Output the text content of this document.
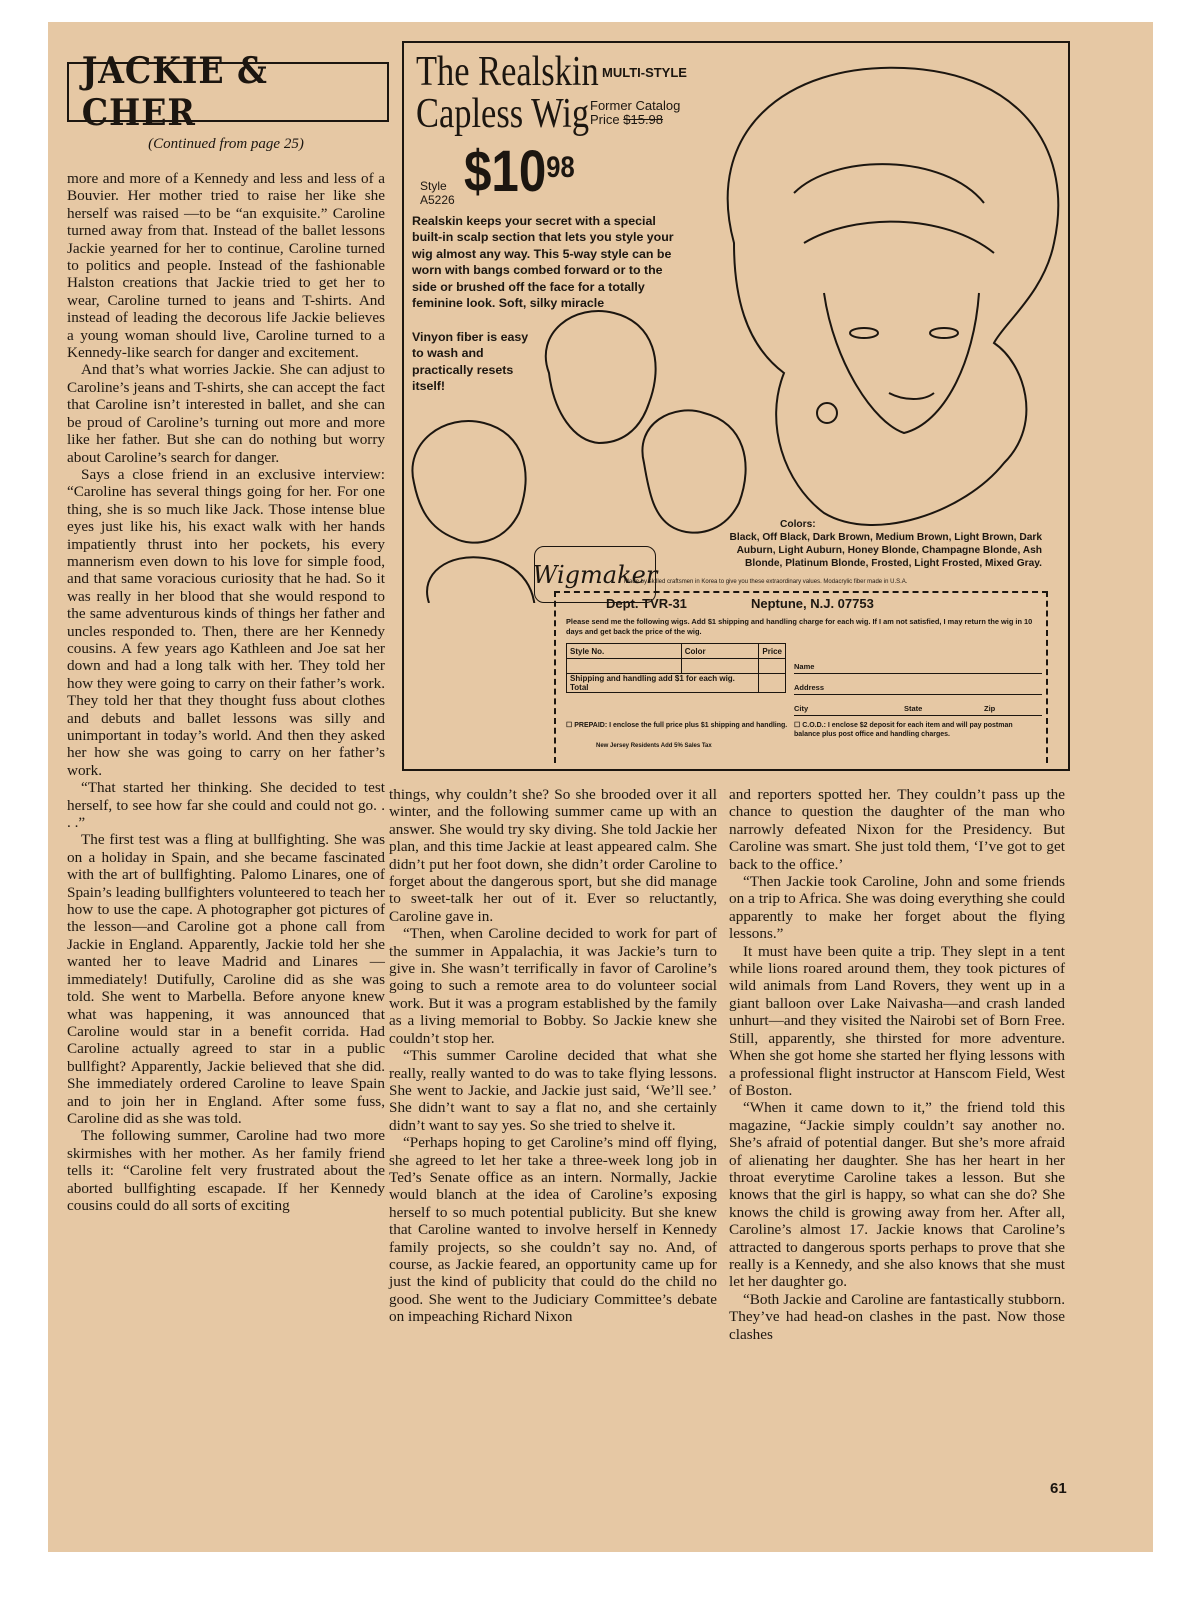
JACKIE & CHER
(Continued from page 25)

more and more of a Kennedy and less and less of a Bouvier. Her mother tried to raise her like she herself was raised —to be “an exquisite.” Caroline turned away from that. Instead of the ballet lessons Jackie yearned for her to continue, Caroline turned to politics and people. Instead of the fashionable Halston creations that Jackie tried to get her to wear, Caroline turned to jeans and T-shirts. And instead of leading the decorous life Jackie believes a young woman should live, Caroline turned to a Kennedy-like search for danger and excitement.

And that’s what worries Jackie. She can adjust to Caroline’s jeans and T-shirts, she can accept the fact that Caroline isn’t interested in ballet, and she can be proud of Caroline’s turning out more and more like her father. But she can do nothing but worry about Caroline’s search for danger.

Says a close friend in an exclusive interview: “Caroline has several things going for her. For one thing, she is so much like Jack. Those intense blue eyes just like his, his exact walk with her hands impatiently thrust into her pockets, his every mannerism even down to his love for simple food, and that same voracious curiosity that he had. So it was really in her blood that she would respond to the same adventurous kinds of things her father and uncles responded to. Then, there are her Kennedy cousins. A few years ago Kathleen and Joe sat her down and had a long talk with her. They told her how they were going to carry on their father’s work. They told her that they thought fuss about clothes and debuts and ballet lessons was silly and unimportant in today’s world. And then they asked her how she was going to carry on her father’s work.

“That started her thinking. She decided to test herself, to see how far she could and could not go. . . .”

The first test was a fling at bullfighting. She was on a holiday in Spain, and she became fascinated with the art of bullfighting. Palomo Linares, one of Spain’s leading bullfighters volunteered to teach her how to use the cape. A photographer got pictures of the lesson—and Caroline got a phone call from Jackie in England. Apparently, Jackie told her she wanted her to leave Madrid and Linares —immediately! Dutifully, Caroline did as she was told. She went to Marbella. Before anyone knew what was happening, it was announced that Caroline would star in a benefit corrida. Had Caroline actually agreed to star in a public bullfight? Apparently, Jackie believed that she did. She immediately ordered Caroline to leave Spain and to join her in England. After some fuss, Caroline did as she was told.

The following summer, Caroline had two more skirmishes with her mother. As her family friend tells it: “Caroline felt very frustrated about the aborted bullfighting escapade. If her Kennedy cousins could do all sorts of exciting

things, why couldn’t she? So she brooded over it all winter, and the following summer came up with an answer. She would try sky diving. She told Jackie her plan, and this time Jackie at least appeared calm. She didn’t put her foot down, she didn’t order Caroline to forget about the dangerous sport, but she did manage to sweet-talk her out of it. Ever so reluctantly, Caroline gave in.

“Then, when Caroline decided to work for part of the summer in Appalachia, it was Jackie’s turn to give in. She wasn’t terrifically in favor of Caroline’s going to such a remote area to do volunteer social work. But it was a program established by the family as a living memorial to Bobby. So Jackie knew she couldn’t stop her.

“This summer Caroline decided that what she really, really wanted to do was to take flying lessons. She went to Jackie, and Jackie just said, ‘We’ll see.’ She didn’t want to say a flat no, and she certainly didn’t want to say yes. So she tried to shelve it.

“Perhaps hoping to get Caroline’s mind off flying, she agreed to let her take a three-week long job in Ted’s Senate office as an intern. Normally, Jackie would blanch at the idea of Caroline’s exposing herself to so much potential publicity. But she knew that Caroline wanted to involve herself in Kennedy family projects, so she couldn’t say no. And, of course, as Jackie feared, an opportunity came up for just the kind of publicity that could do the child no good. She went to the Judiciary Committee’s debate on impeaching Richard Nixon

and reporters spotted her. They couldn’t pass up the chance to question the daughter of the man who narrowly defeated Nixon for the Presidency. But Caroline was smart. She just told them, ‘I’ve got to get back to the office.’

“Then Jackie took Caroline, John and some friends on a trip to Africa. She was doing everything she could apparently to make her forget about the flying lessons.”

It must have been quite a trip. They slept in a tent while lions roared around them, they took pictures of wild animals from Land Rovers, they went up in a giant balloon over Lake Naivasha—and crash landed unhurt—and they visited the Nairobi set of Born Free. Still, apparently, she thirsted for more adventure. When she got home she started her flying lessons with a professional flight instructor at Hanscom Field, West of Boston.

“When it came down to it,” the friend told this magazine, “Jackie simply couldn’t say another no. She’s afraid of potential danger. But she’s more afraid of alienating her daughter. She has her heart in her throat everytime Caroline takes a lesson. But she knows that the girl is happy, so what can she do? She knows the child is growing away from her. After all, Caroline’s almost 17. Jackie knows that Caroline’s attracted to dangerous sports perhaps to prove that she really is a Kennedy, and she also knows that she must let her daughter go.

“Both Jackie and Caroline are fantastically stubborn. They’ve had head-on clashes in the past. Now those clashes

The Realskin
Capless Wig
MULTI-STYLE
Former Catalog
Price $15.98
Style
A5226 $\$10^{98}$
Realskin keeps your secret with a special built-in scalp section that lets you style your wig almost any way. This 5-way style can be worn with bangs combed forward or to the side or brushed off the face for a totally feminine look. Soft, silky miracle
Vinyon fiber is easy to wash and practically resets itself!
Colors:
Black, Off Black, Dark Brown, Medium Brown, Light Brown, Dark Auburn, Light Auburn, Honey Blonde, Champagne Blonde, Ash Blonde, Platinum Blonde, Frosted, Light Frosted, Mixed Gray.
Made by skilled craftsmen in Korea to give you these extraordinary values. Modacrylic fiber made in U.S.A.
Wigmaker
Dept. TVR-31	Neptune, N.J. 07753
Please send me the following wigs. Add $1 shipping and handling charge for each wig. If I am not satisfied, I may return the wig in 10 days and get back the price of the wig.
Style No.	Color	Price

Shipping and handling add $1 for each wig. Total		
Name
Address
City	State	Zip
☐ PREPAID: I enclose the full price plus $1 shipping and handling. ☐ C.O.D.: I enclose $2 deposit for each item and will pay postman balance plus post office and handling charges.
New Jersey Residents Add 5% Sales Tax
61
